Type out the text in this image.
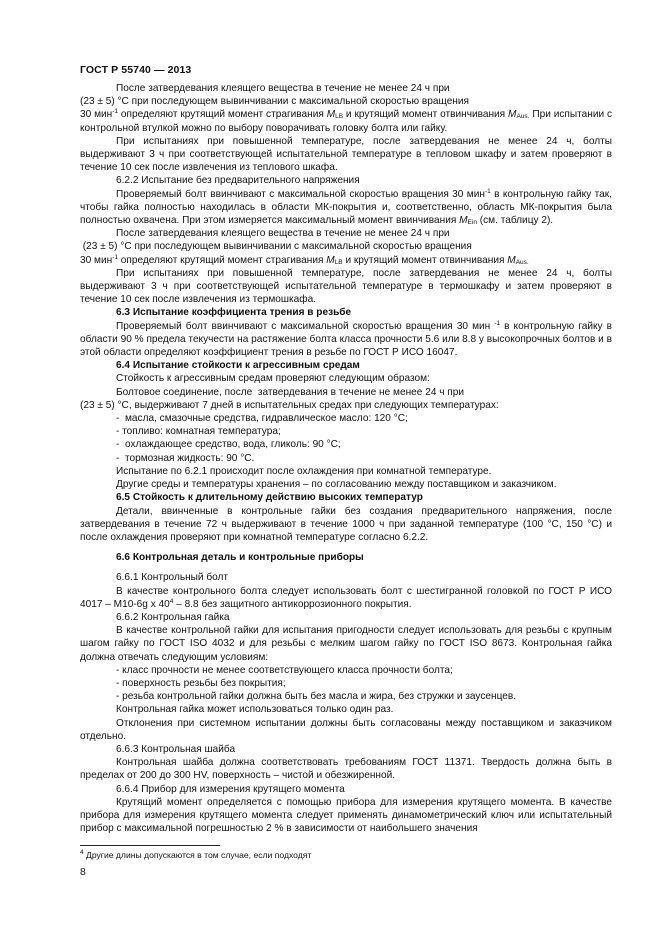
ГОСТ Р 55740 — 2013

После затвердевания клеящего вещества в течение не менее 24 ч при

(23 ± 5) °С при последующем вывинчивании с максимальной скоростью вращения

30 мин$^{-1}$ определяют крутящий момент страгивания $M_{LB}$ и крутящий момент отвинчивания $M_{Aus.}$ При испытании с контрольной втулкой можно по выбору поворачивать головку болта или гайку.

При испытаниях при повышенной температуре, после затвердевания не менее 24 ч, болты выдерживают 3 ч при соответствующей испытательной температуре в тепловом шкафу и затем проверяют в течение 10 сек после извлечения из теплового шкафа.

6.2.2 Испытание без предварительного напряжения

Проверяемый болт ввинчивают с максимальной скоростью вращения 30 мин$^{-1}$ в контрольную гайку так, чтобы гайка полностью находилась в области МК-покрытия и, соответственно, область МК-покрытия была полностью охвачена. При этом измеряется максимальный момент ввинчивания $M_{Ein}$ (см. таблицу 2).

После затвердевания клеящего вещества в течение не менее 24 ч при

(23 ± 5) °С при последующем вывинчивании с максимальной скоростью вращения

30 мин$^{-1}$ определяют крутящий момент страгивания $M_{LB}$ и крутящий момент отвинчивания $M_{Aus.}$

При испытаниях при повышенной температуре, после затвердевания не менее 24 ч, болты выдерживают 3 ч при соответствующей испытательной температуре в термошкафу и затем проверяют в течение 10 сек после извлечения из термошкафа.

6.3 Испытание коэффициента трения в резьбе

Проверяемый болт ввинчивают с максимальной скоростью вращения 30 мин $^{-1}$ в контрольную гайку в области 90 % предела текучести на растяжение болта класса прочности 5.6 или 8.8 у высокопрочных болтов и в этой области определяют коэффициент трения в резьбе по ГОСТ Р ИСО 16047.

6.4 Испытание стойкости к агрессивным средам

Стойкость к агрессивным средам проверяют следующим образом:

Болтовое соединение, после  затвердевания в течение не менее 24 ч при

(23 ± 5) °С, выдерживают 7 дней в испытательных средах при следующих температурах:

-  масла, смазочные средства, гидравлическое масло: 120 °С;

- топливо: комнатная температура;

-  охлаждающее средство, вода, гликоль: 90 °С;

-  тормозная жидкость: 90 °С.

Испытание по 6.2.1 происходит после охлаждения при комнатной температуре.

Другие среды и температуры хранения – по согласованию между поставщиком и заказчиком.

6.5 Стойкость к длительному действию высоких температур

Детали, ввинченные в контрольные гайки без создания предварительного напряжения, после затвердевания в течение 72 ч выдерживают в течение 1000 ч при заданной температуре (100 °С, 150 °С) и после охлаждения проверяют при комнатной температуре согласно 6.2.2.

6.6 Контрольная деталь и контрольные приборы

6.6.1 Контрольный болт

В качестве контрольного болта следует использовать болт с шестигранной головкой по ГОСТ Р ИСО 4017 – М10-6g x $40^4 - 8.8$ без защитного антикоррозионного покрытия.

6.6.2 Контрольная гайка

В качестве контрольной гайки для испытания пригодности следует использовать для резьбы с крупным шагом гайку по ГОСТ ISO 4032 и для резьбы с мелким шагом гайку по ГОСТ ISO 8673. Контрольная гайка должна отвечать следующим условиям:

- класс прочности не менее соответствующего класса прочности болта;

- поверхность резьбы без покрытия;

- резьба контрольной гайки должна быть без масла и жира, без стружки и заусенцев.

Контрольная гайка может использоваться только один раз.

Отклонения при системном испытании должны быть согласованы между поставщиком и заказчиком отдельно.

6.6.3 Контрольная шайба

Контрольная шайба должна соответствовать требованиям ГОСТ 11371. Твердость должна быть в пределах от 200 до 300 HV, поверхность – чистой и обезжиренной.

6.6.4 Прибор для измерения крутящего момента

Крутящий момент определяется с помощью прибора для измерения крутящего момента. В качестве прибора для измерения крутящего момента следует применять динамометрический ключ или испытательный прибор с максимальной погрешностью 2 % в зависимости от наибольшего значения

$^4$ Другие длины допускаются в том случае, если подходят
8
